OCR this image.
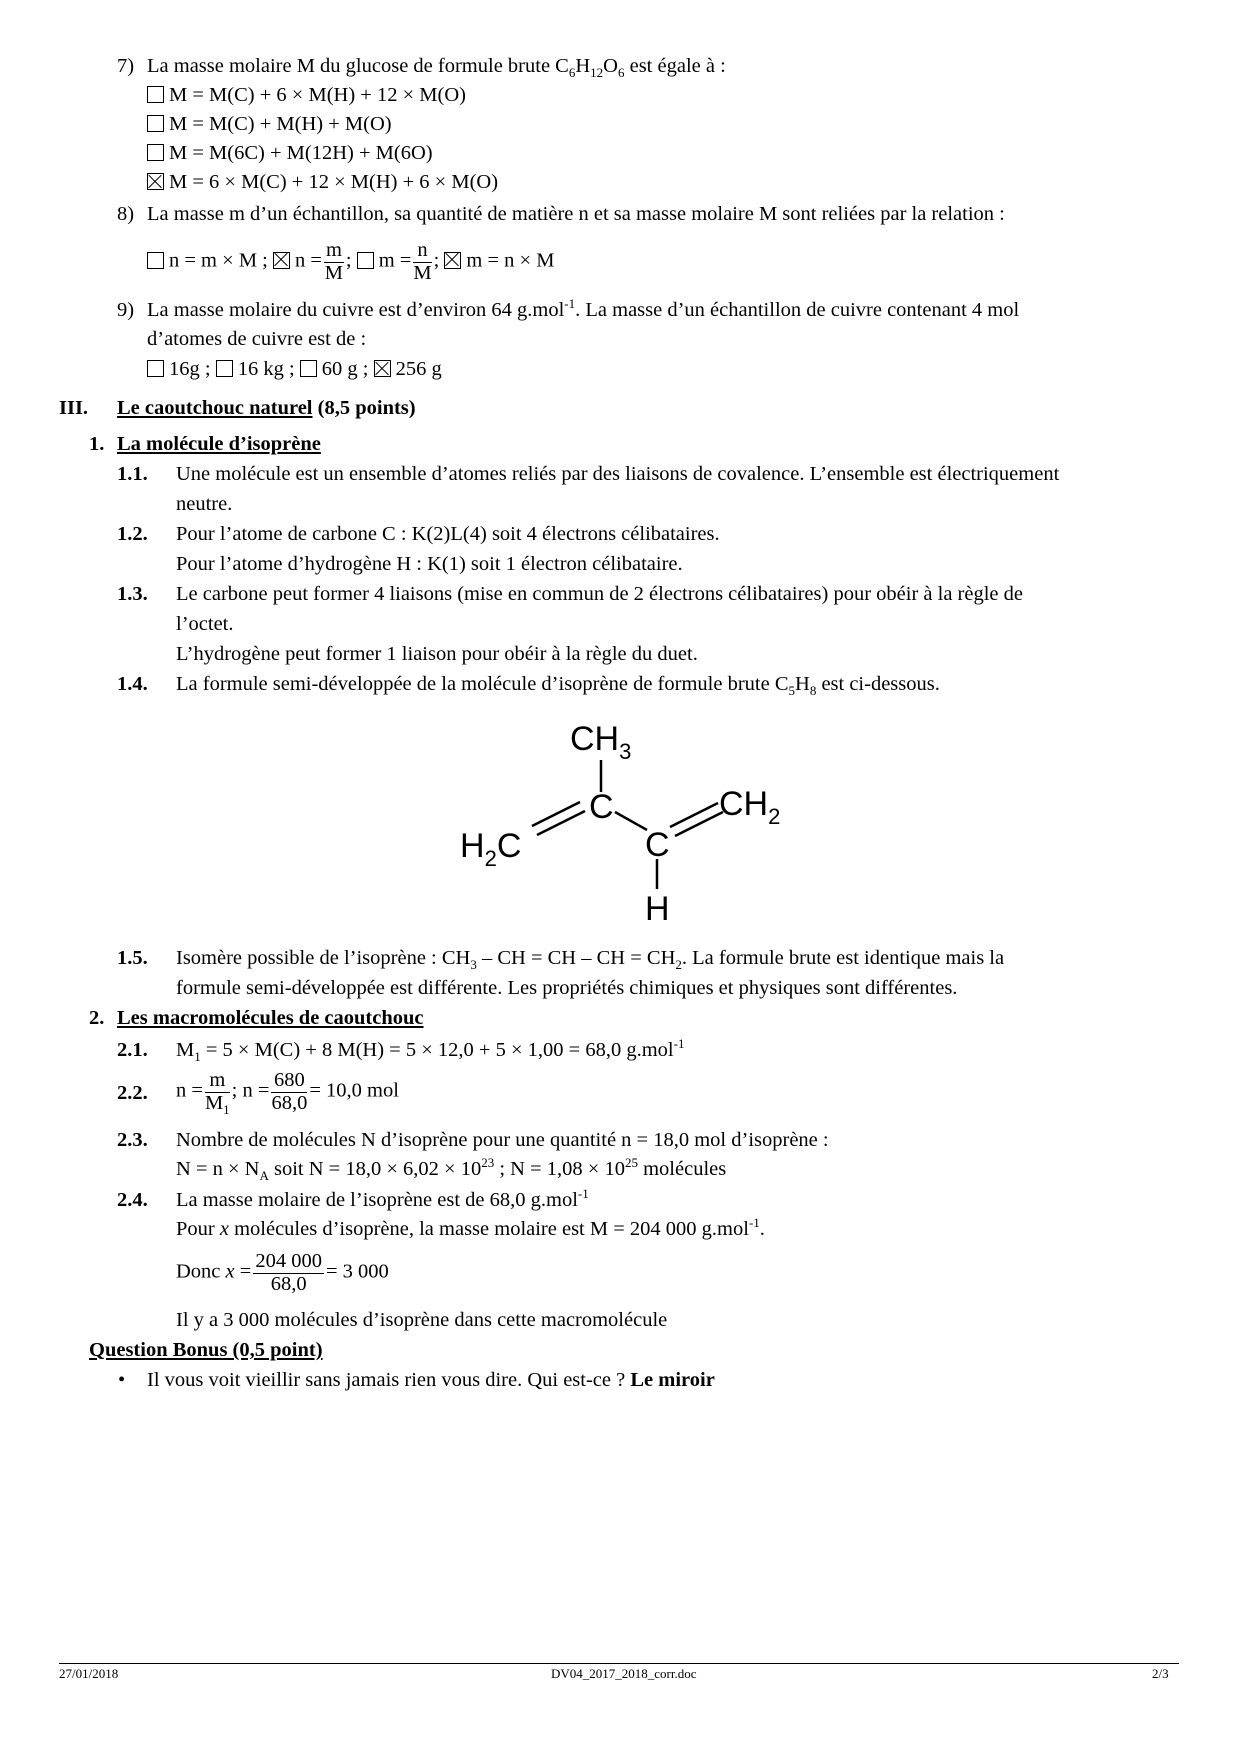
7) La masse molaire M du glucose de formule brute $C_6H_{12}O_6$ est égale à :
M = M(C) + 6 × M(H) + 12 × M(O)
M = M(C) + M(H) + M(O)
M = M(6C) + M(12H) + M(6O)
M = 6 × M(C) + 12 × M(H) + 6 × M(O)
8) La masse m d’un échantillon, sa quantité de matière n et sa masse molaire M sont reliées par la relation :
n = m × M ; $n = \frac{m}{M}$ ; $m = \frac{n}{M}$ ; m = n × M
9) La masse molaire du cuivre est d’environ 64 g.mol$^{-1}$. La masse d’un échantillon de cuivre contenant 4 mol
d’atomes de cuivre est de :
16g ; 16 kg ; 60 g ; 256 g
III. Le caoutchouc naturel (8,5 points)
1. La molécule d’isoprène
1.1. Une molécule est un ensemble d’atomes reliés par des liaisons de covalence. L’ensemble est électriquement
neutre.
1.2. Pour l’atome de carbone C : K(2)L(4) soit 4 électrons célibataires.
Pour l’atome d’hydrogène H : K(1) soit 1 électron célibataire.
1.3. Le carbone peut former 4 liaisons (mise en commun de 2 électrons célibataires) pour obéir à la règle de
l’octet.
L’hydrogène peut former 1 liaison pour obéir à la règle du duet.
1.4. La formule semi-développée de la molécule d’isoprène de formule brute $C_5H_8$ est ci-dessous.
$CH_3$
C
$H_2C$	C
$CH_2$
H
1.5. Isomère possible de l’isoprène : $CH_3$ – CH = CH – CH = $CH_2$. La formule brute est identique mais la
formule semi-développée est différente. Les propriétés chimiques et physiques sont différentes.
2. Les macromolécules de caoutchouc
2.1. $M_1 = 5 \times M(C) + 8$ M(H) = 5 × 12,0 + 5 × 1,00 = 68,0 g.mol$^{-1}$
2.2. $n = \frac{m}{M_1}$ ; $n = \frac{680}{68,0} = 10,0$ mol
2.3. Nombre de molécules N d’isoprène pour une quantité n = 18,0 mol d’isoprène :
$N = n \times N_A$ soit $N = 18,0 \times 6,02 \times 10^{23}$ ; $N = 1,08 \times 10^{25}$ molécules
2.4. La masse molaire de l’isoprène est de 68,0 g.mol$^{-1}$
Pour x molécules d’isoprène, la masse molaire est M = 204 000 g.mol$^{-1}$.
Donc $x = \frac{204 000}{68,0} = 3$ 000
Il y a 3 000 molécules d’isoprène dans cette macromolécule
Question Bonus (0,5 point)
• Il vous voit vieillir sans jamais rien vous dire. Qui est-ce ? Le miroir
27/01/2018	DV04_2017_2018_corr.doc	2/3
